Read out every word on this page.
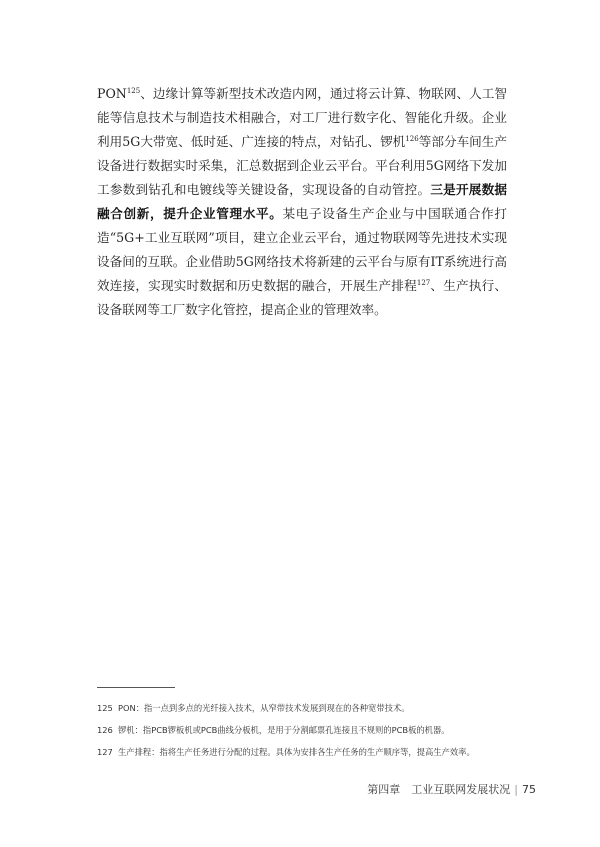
PON$^{125}$、边缘计算等新型技术改造内网，通过将云计算、物联网、人工智能等信息技术与制造技术相融合，对工厂进行数字化、智能化升级。企业利用5G大带宽、低时延、广连接的特点，对钻孔、锣机$^{126}$等部分车间生产设备进行数据实时采集，汇总数据到企业云平台。平台利用5G网络下发加工参数到钻孔和电镀线等关键设备，实现设备的自动管控。三是开展数据融合创新，提升企业管理水平。某电子设备生产企业与中国联通合作打造“5G+工业互联网”项目，建立企业云平台，通过物联网等先进技术实现设备间的互联。企业借助5G网络技术将新建的云平台与原有IT系统进行高效连接，实现实时数据和历史数据的融合，开展生产排程$^{127}$、生产执行、设备联网等工厂数字化管控，提高企业的管理效率。

125 PON：指一点到多点的光纤接入技术，从窄带技术发展到现在的各种宽带技术。
126 锣机：指PCB锣板机或PCB曲线分板机，是用于分割邮票孔连接且不规则的PCB板的机器。
127 生产排程：指将生产任务进行分配的过程。具体为安排各生产任务的生产顺序等，提高生产效率。
第四章　工业互联网发展状况 | 75
